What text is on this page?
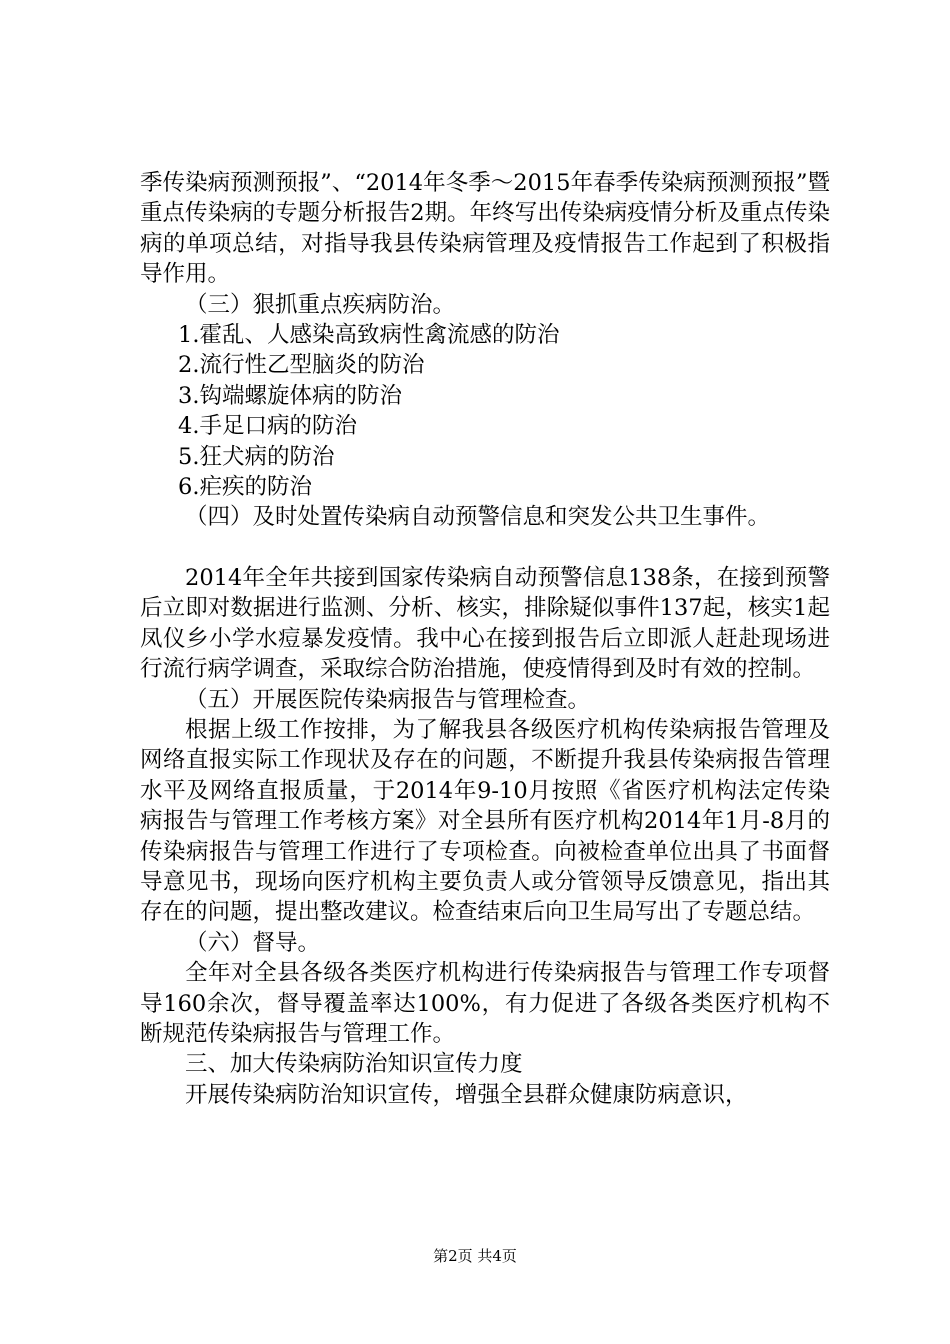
季传染病预测预报”、“2014年冬季～2015年春季传染病预测预报”暨重点传染病的专题分析报告2期。年终写出传染病疫情分析及重点传染病的单项总结，对指导我县传染病管理及疫情报告工作起到了积极指导作用。

（三）狠抓重点疾病防治。

1.霍乱、人感染高致病性禽流感的防治

2.流行性乙型脑炎的防治

3.钩端螺旋体病的防治

4.手足口病的防治

5.狂犬病的防治

6.疟疾的防治

（四）及时处置传染病自动预警信息和突发公共卫生事件。

2014年全年共接到国家传染病自动预警信息138条，在接到预警后立即对数据进行监测、分析、核实，排除疑似事件137起，核实1起凤仪乡小学水痘暴发疫情。我中心在接到报告后立即派人赶赴现场进行流行病学调查，采取综合防治措施，使疫情得到及时有效的控制。

（五）开展医院传染病报告与管理检查。

根据上级工作按排，为了解我县各级医疗机构传染病报告管理及网络直报实际工作现状及存在的问题，不断提升我县传染病报告管理水平及网络直报质量，于2014年9-10月按照《省医疗机构法定传染病报告与管理工作考核方案》对全县所有医疗机构2014年1月-8月的传染病报告与管理工作进行了专项检查。向被检查单位出具了书面督导意见书，现场向医疗机构主要负责人或分管领导反馈意见，指出其存在的问题，提出整改建议。检查结束后向卫生局写出了专题总结。

（六）督导。

全年对全县各级各类医疗机构进行传染病报告与管理工作专项督导160余次，督导覆盖率达100%，有力促进了各级各类医疗机构不断规范传染病报告与管理工作。

三、加大传染病防治知识宣传力度

开展传染病防治知识宣传，增强全县群众健康防病意识，

第2页 共4页
